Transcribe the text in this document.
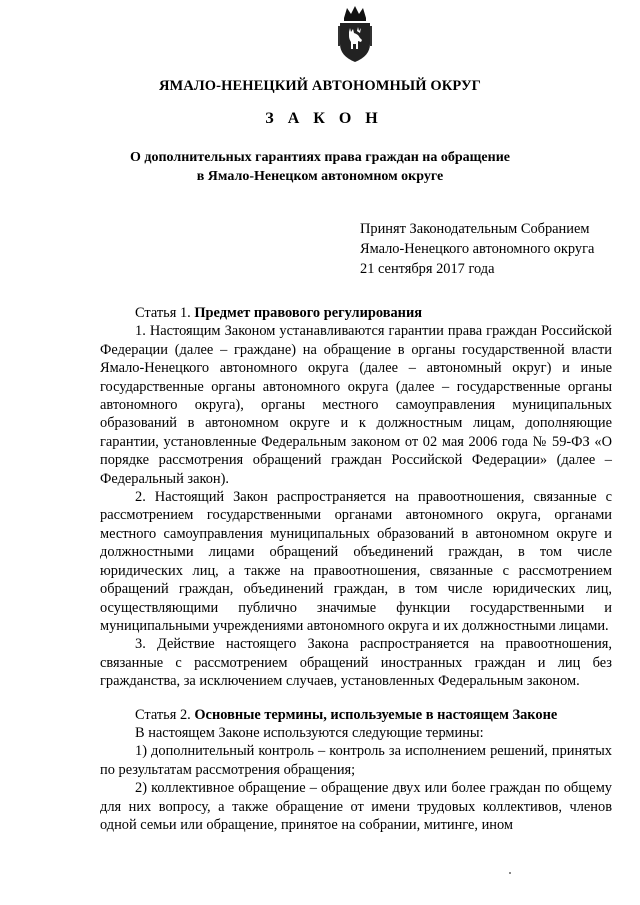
ЯМАЛО-НЕНЕЦКИЙ АВТОНОМНЫЙ ОКРУГ
З А К О Н
О дополнительных гарантиях права граждан на обращение
в Ямало-Ненецком автономном округе
Принят Законодательным Собранием
Ямало-Ненецкого автономного округа
21 сентября 2017 года
Статья 1. Предмет правового регулирования

1. Настоящим Законом устанавливаются гарантии права граждан Российской Федерации (далее – граждане) на обращение в органы государственной власти Ямало-Ненецкого автономного округа (далее – автономный округ) и иные государственные органы автономного округа (далее – государственные органы автономного округа), органы местного самоуправления муниципальных образований в автономном округе и к должностным лицам, дополняющие гарантии, установленные Федеральным законом от 02 мая 2006 года № 59-ФЗ «О порядке рассмотрения обращений граждан Российской Федерации» (далее – Федеральный закон).

2. Настоящий Закон распространяется на правоотношения, связанные с рассмотрением государственными органами автономного округа, органами местного самоуправления муниципальных образований в автономном округе и должностными лицами обращений объединений граждан, в том числе юридических лиц, а также на правоотношения, связанные с рассмотрением обращений граждан, объединений граждан, в том числе юридических лиц, осуществляющими публично значимые функции государственными и муниципальными учреждениями автономного округа и их должностными лицами.

3. Действие настоящего Закона распространяется на правоотношения, связанные с рассмотрением обращений иностранных граждан и лиц без гражданства, за исключением случаев, установленных Федеральным законом.

Статья 2. Основные термины, используемые в настоящем Законе

В настоящем Законе используются следующие термины:

1) дополнительный контроль – контроль за исполнением решений, принятых по результатам рассмотрения обращения;

2) коллективное обращение – обращение двух или более граждан по общему для них вопросу, а также обращение от имени трудовых коллективов, членов одной семьи или обращение, принятое на собрании, митинге, ином
